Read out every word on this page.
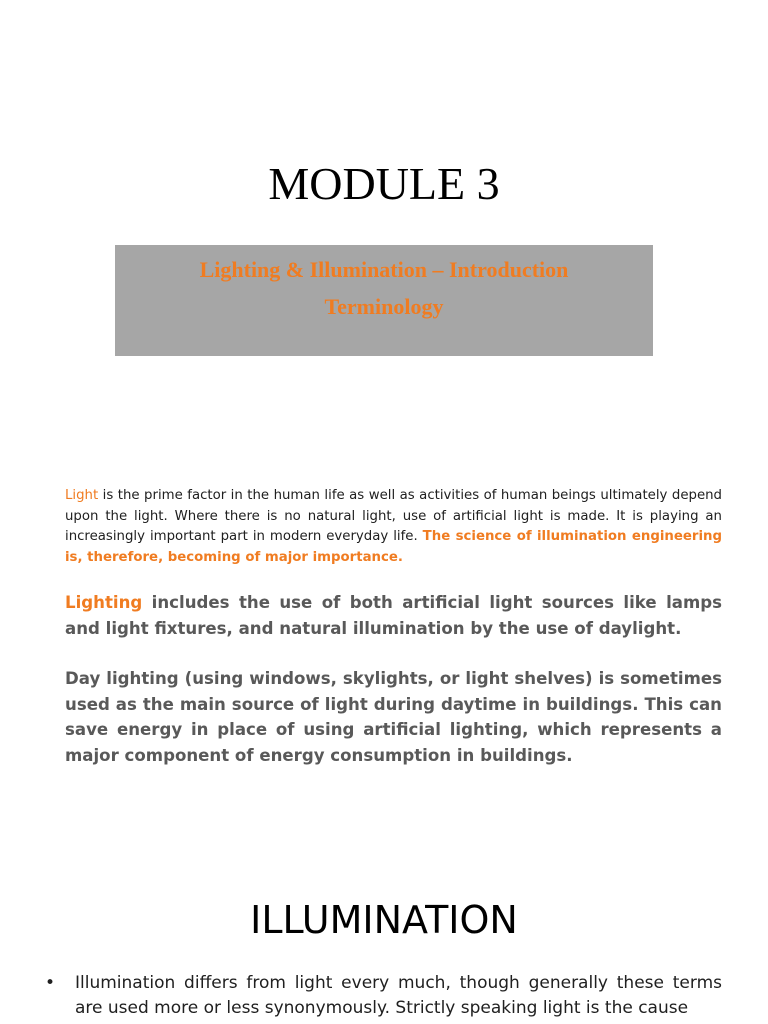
MODULE 3
Lighting & Illumination – Introduction
Terminology

Light is the prime factor in the human life as well as activities of human beings ultimately depend upon the light. Where there is no natural light, use of artificial light is made. It is playing an increasingly important part in modern everyday life. The science of illumination engineering is, therefore, becoming of major importance.

Lighting includes the use of both artificial light sources like lamps and light fixtures, and natural illumination by the use of daylight.

Day lighting (using windows, skylights, or light shelves) is sometimes used as the main source of light during daytime in buildings. This can save energy in place of using artificial lighting, which represents a major component of energy consumption in buildings.

ILLUMINATION
• Illumination differs from light every much, though generally these terms are used more or less synonymously. Strictly speaking light is the cause
